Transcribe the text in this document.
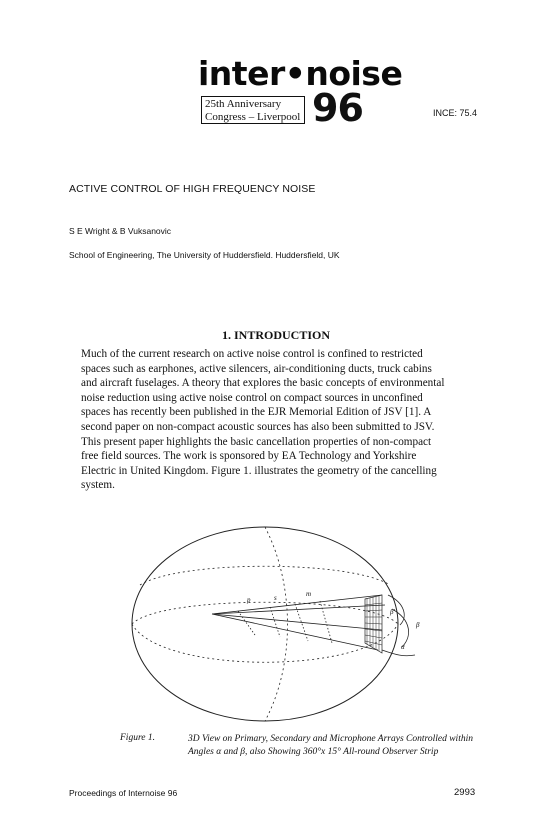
inter•noise
25th Anniversary
Congress – Liverpool 96	INCE: 75.4
ACTIVE CONTROL OF HIGH FREQUENCY NOISE
S E Wright & B Vuksanovic
School of Engineering, The University of Huddersfield. Huddersfield, UK
1. INTRODUCTION

Much of the current research on active noise control is confined to restricted
spaces such as earphones, active silencers, air-conditioning ducts, truck cabins
and aircraft fuselages. A theory that explores the basic concepts of environmental
noise reduction using active noise control on compact sources in unconfined
spaces has recently been published in the EJR Memorial Edition of JSV [1]. A
second paper on non-compact acoustic sources has also been submitted to JSV.
This present paper highlights the basic cancellation properties of non-compact
free field sources. The work is sponsored by EA Technology and Yorkshire
Electric in United Kingdom. Figure 1. illustrates the geometry of the cancelling
system.

p	s	m
β'
β
α
Figure 1.	3D View on Primary, Secondary and Microphone Arrays Controlled within
Angles α and β, also Showing 360°x 15° All-round Observer Strip
Proceedings of Internoise 96	2993
